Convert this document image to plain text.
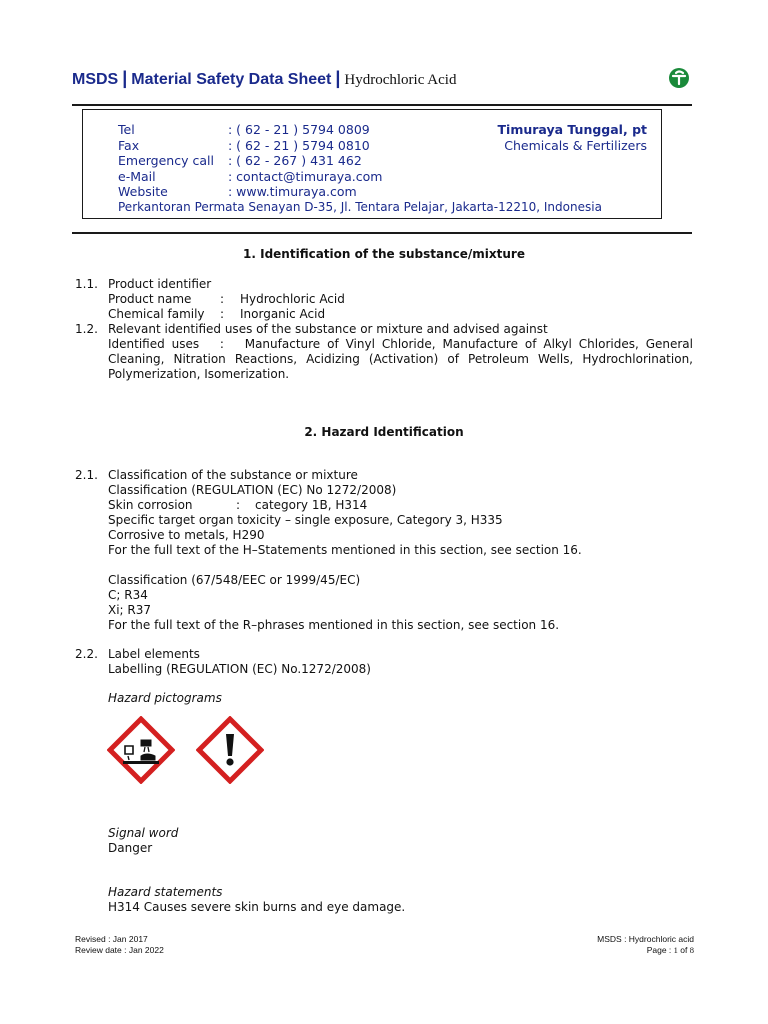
MSDS | Material Safety Data Sheet | Hydrochloric Acid
Tel	: ( 62 - 21 ) 5794 0809
Fax	: ( 62 - 21 ) 5794 0810
Emergency call : ( 62 - 267 ) 431 462
e-Mail	: contact@timuraya.com
Website	: www.timuraya.com
Timuraya Tunggal, pt
Chemicals & Fertilizers
Perkantoran Permata Senayan D-35, Jl. Tentara Pelajar, Jakarta-12210, Indonesia
1. Identification of the substance/mixture
1.1. Product identifier
Product name : Hydrochloric Acid
Chemical family : Inorganic Acid
1.2. Relevant identified uses of the substance or mixture and advised against
Identified uses   :   Manufacture of Vinyl Chloride, Manufacture of Alkyl Chlorides, General Cleaning, Nitration Reactions, Acidizing (Activation) of Petroleum Wells, Hydrochlorination, Polymerization, Isomerization.
2. Hazard Identification
2.1. Classification of the substance or mixture
Classification (REGULATION (EC) No 1272/2008)
Skin corrosion	: category 1B, H314
Specific target organ toxicity – single exposure, Category 3, H335
Corrosive to metals, H290
For the full text of the H–Statements mentioned in this section, see section 16.
Classification (67/548/EEC or 1999/45/EC)
C; R34
Xi; R37
For the full text of the R–phrases mentioned in this section, see section 16.
2.2. Label elements
Labelling (REGULATION (EC) No.1272/2008)
Hazard pictograms
Signal word
Danger
Hazard statements
H314 Causes severe skin burns and eye damage.
Revised : Jan 2017
Review date : Jan 2022
MSDS : Hydrochloric acid
Page : 1 of 8
